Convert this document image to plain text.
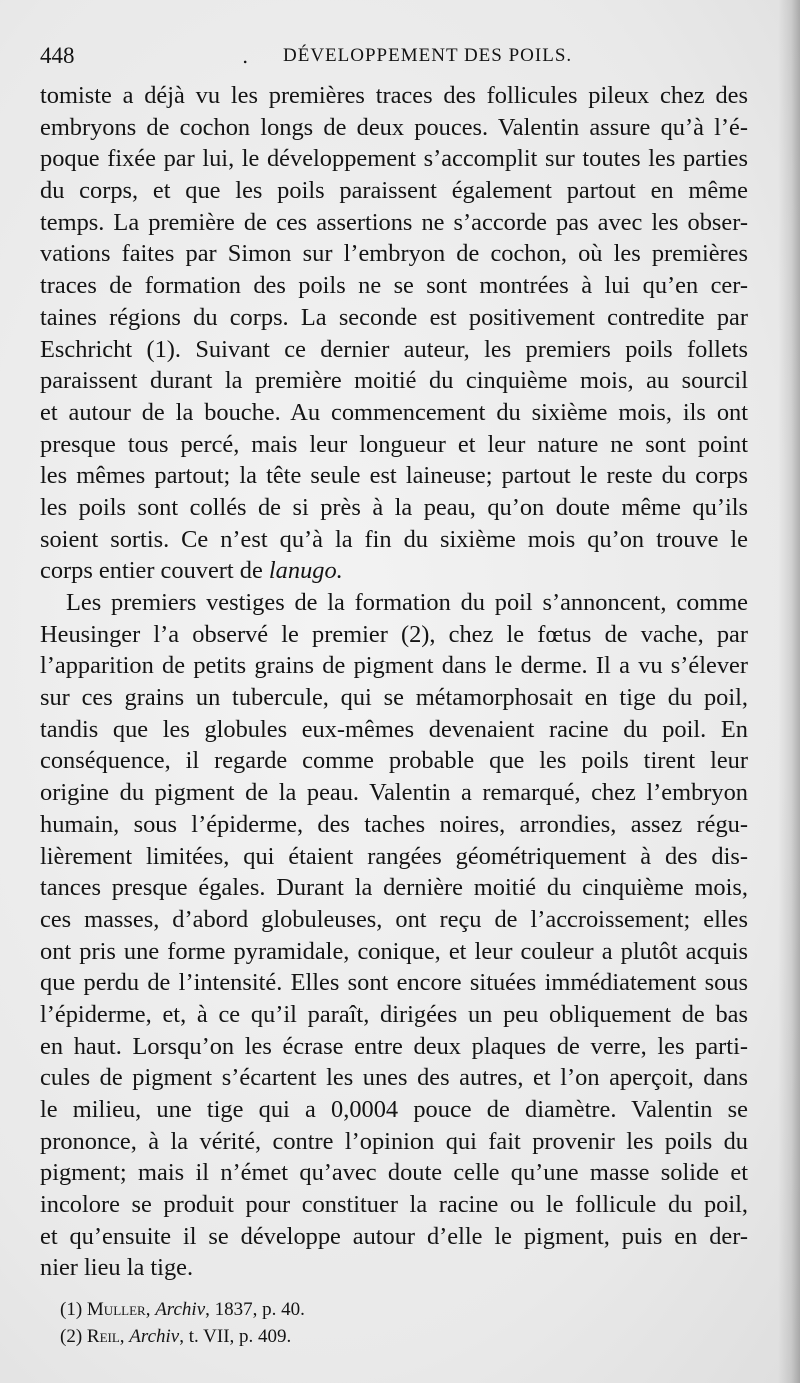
448	. DÉVELOPPEMENT DES POILS.
tomiste a déjà vu les premières traces des follicules pileux chez des
embryons de cochon longs de deux pouces. Valentin assure qu’à l’é-
poque fixée par lui, le développement s’accomplit sur toutes les parties
du corps, et que les poils paraissent également partout en même
temps. La première de ces assertions ne s’accorde pas avec les obser-
vations faites par Simon sur l’embryon de cochon, où les premières
traces de formation des poils ne se sont montrées à lui qu’en cer-
taines régions du corps. La seconde est positivement contredite par
Eschricht (1). Suivant ce dernier auteur, les premiers poils follets
paraissent durant la première moitié du cinquième mois, au sourcil
et autour de la bouche. Au commencement du sixième mois, ils ont
presque tous percé, mais leur longueur et leur nature ne sont point
les mêmes partout; la tête seule est laineuse; partout le reste du corps
les poils sont collés de si près à la peau, qu’on doute même qu’ils
soient sortis. Ce n’est qu’à la fin du sixième mois qu’on trouve le
corps entier couvert de lanugo.
Les premiers vestiges de la formation du poil s’annoncent, comme
Heusinger l’a observé le premier (2), chez le fœtus de vache, par
l’apparition de petits grains de pigment dans le derme. Il a vu s’élever
sur ces grains un tubercule, qui se métamorphosait en tige du poil,
tandis que les globules eux-mêmes devenaient racine du poil. En
conséquence, il regarde comme probable que les poils tirent leur
origine du pigment de la peau. Valentin a remarqué, chez l’embryon
humain, sous l’épiderme, des taches noires, arrondies, assez régu-
lièrement limitées, qui étaient rangées géométriquement à des dis-
tances presque égales. Durant la dernière moitié du cinquième mois,
ces masses, d’abord globuleuses, ont reçu de l’accroissement; elles
ont pris une forme pyramidale, conique, et leur couleur a plutôt acquis
que perdu de l’intensité. Elles sont encore situées immédiatement sous
l’épiderme, et, à ce qu’il paraît, dirigées un peu obliquement de bas
en haut. Lorsqu’on les écrase entre deux plaques de verre, les parti-
cules de pigment s’écartent les unes des autres, et l’on aperçoit, dans
le milieu, une tige qui a 0,0004 pouce de diamètre. Valentin se
prononce, à la vérité, contre l’opinion qui fait provenir les poils du
pigment; mais il n’émet qu’avec doute celle qu’une masse solide et
incolore se produit pour constituer la racine ou le follicule du poil,
et qu’ensuite il se développe autour d’elle le pigment, puis en der-
nier lieu la tige.
(1) Muller, Archiv, 1837, p. 40.
(2) Reil, Archiv, t. VII, p. 409.
